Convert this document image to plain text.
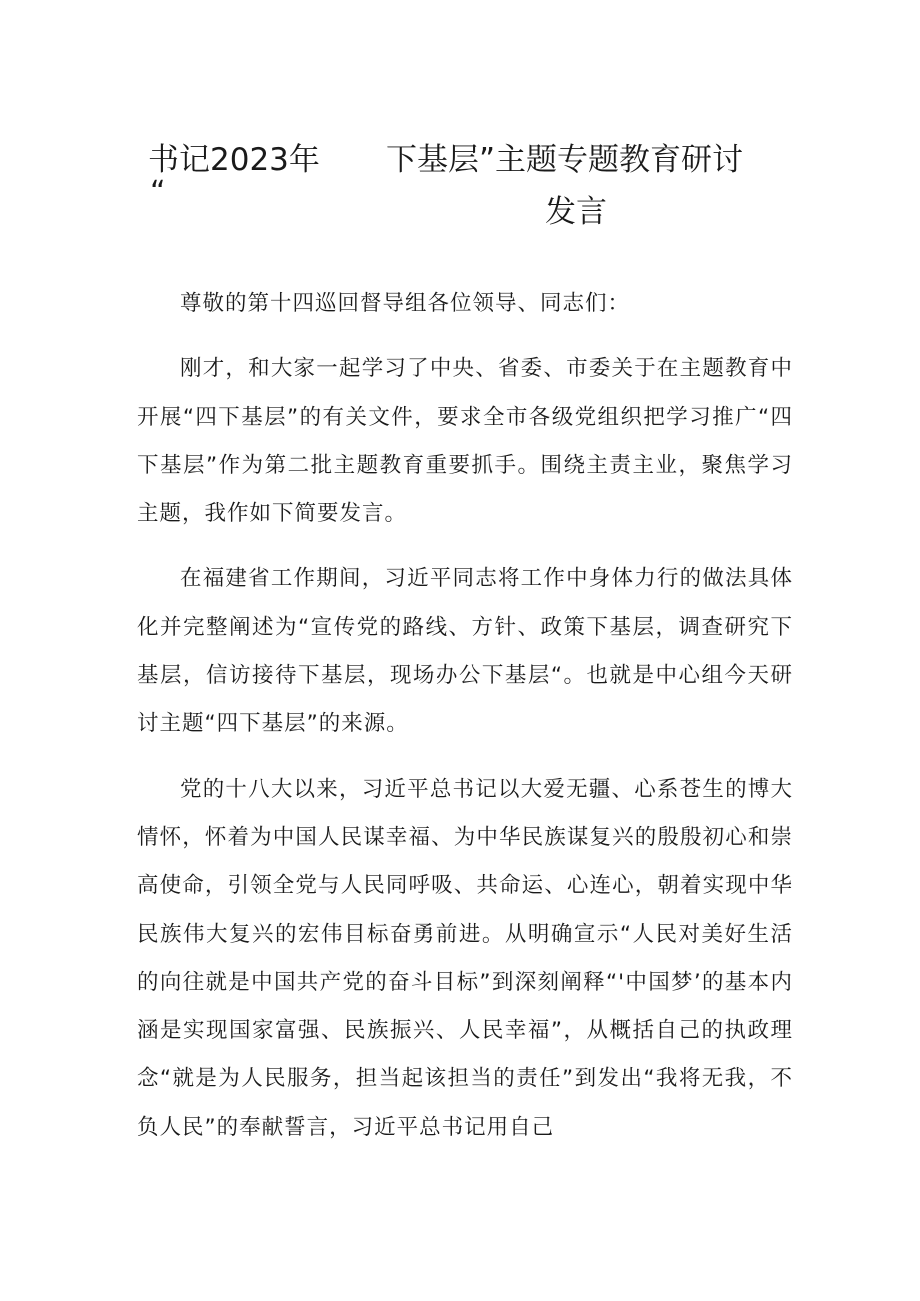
书记2023年 下基层”主题专题教育研讨
“
发言

尊敬的第十四巡回督导组各位领导、同志们：

刚才，和大家一起学习了中央、省委、市委关于在主题教育中开展“四下基层”的有关文件，要求全市各级党组织把学习推广“四下基层”作为第二批主题教育重要抓手。围绕主责主业，聚焦学习主题，我作如下简要发言。

在福建省工作期间，习近平同志将工作中身体力行的做法具体化并完整阐述为“宣传党的路线、方针、政策下基层，调查研究下基层，信访接待下基层，现场办公下基层“。也就是中心组今天研讨主题“四下基层”的来源。

党的十八大以来，习近平总书记以大爱无疆、心系苍生的博大情怀，怀着为中国人民谋幸福、为中华民族谋复兴的殷殷初心和崇高使命，引领全党与人民同呼吸、共命运、心连心，朝着实现中华民族伟大复兴的宏伟目标奋勇前进。从明确宣示“人民对美好生活的向往就是中国共产党的奋斗目标”到深刻阐释“'中国梦’的基本内涵是实现国家富强、民族振兴、人民幸福”，从概括自己的执政理念“就是为人民服务，担当起该担当的责任”到发出“我将无我，不负人民”的奉献誓言，习近平总书记用自己
